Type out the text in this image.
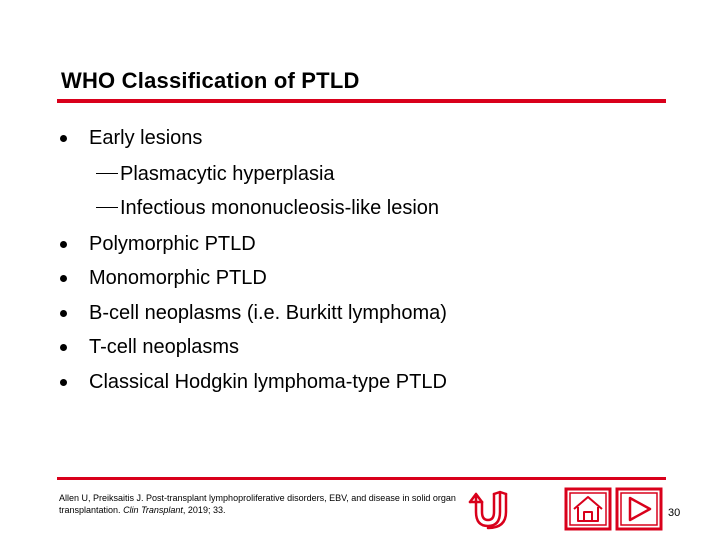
WHO Classification of PTLD
Early lesions
Plasmacytic hyperplasia
Infectious mononucleosis-like lesion
Polymorphic PTLD
Monomorphic PTLD
B-cell neoplasms (i.e. Burkitt lymphoma)
T-cell neoplasms
Classical Hodgkin lymphoma-type PTLD
Allen U, Preiksaitis J. Post-transplant lymphoproliferative disorders, EBV, and disease in solid organ transplantation. Clin Transplant, 2019; 33.	30
